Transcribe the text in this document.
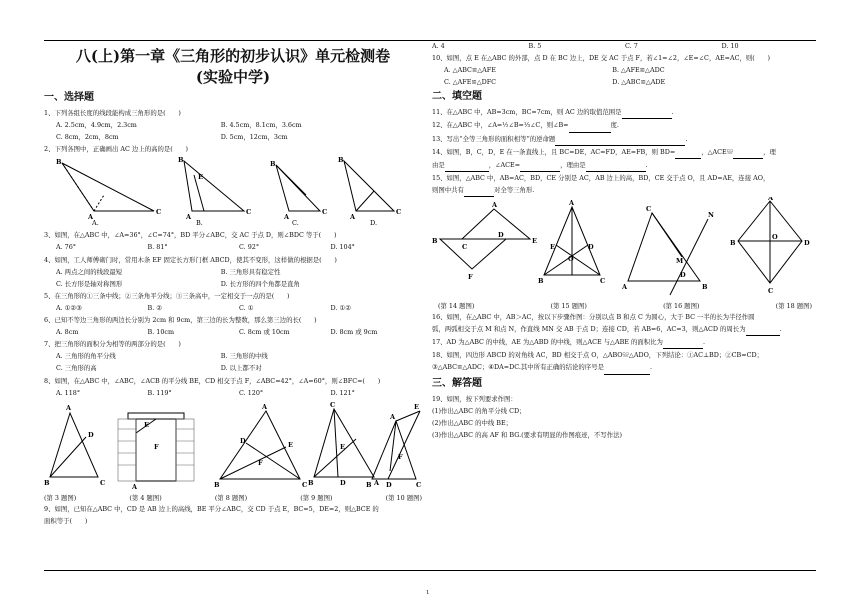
八(上)第一章《三角形的初步认识》单元检测卷
(实验中学)
一、选择题
1、下列各组长度的线段能构成三角形的是(　　)
A. 2.5cm，4.9cm，2.3cm	B. 4.5cm，8.1cm，3.6cm
C. 8cm，2cm，8cm	D. 5cm，12cm，3cm
2、下列各图中，正确画出 AC 边上的高的是(　　)
B
C
A
B
E
C
A
B
C
A
B
C
A
A.	B.	C.	D.
3、如图，在△ABC 中，∠A=36°，∠C=74°，BD 平分∠ABC，交 AC 于点 D，则∠BDC 等于(　　)
A. 76°	B. 81°	C. 92°	D. 104°
4、如图，工人师傅砌门时，常用木条 EF 固定长方形门框 ABCD，使其不变形，这样做的根据是(　　)
A. 两点之间的线段最短	B. 三角形具有稳定性
C. 长方形是轴对称图形	D. 长方形的四个角都是直角
5、在三角形的①三条中线；②三条角平分线；③三条高中，一定相交于一点的是(　　)
A. ①②③	B. ②	C. ①	D. ①②
6、已知不等边三角形的两边长分别为 2cm 和 9cm，第三边的长为整数，那么第三边的长(　　)
A. 8cm	B. 10cm	C. 8cm 或 10cm	D. 8cm 或 9cm
7、把三角形的面积分为相等的两部分的是(　　)
A. 三角形的角平分线	B. 三角形的中线
C. 三角形的高	D. 以上都不对
8、如图，在△ABC 中，∠ABC，∠ACB 的平分线 BE，CD 相交于点 F，∠ABC=42°，∠A=60°，则∠BFC=(　　)
A. 118°	B. 119°	C. 120°	D. 121°
A
B	C
D
E
A
F
A
B	C
D	E
F
C
B	A
D
E
A
E
B D	C
F
(第 3 题图)	(第 4 题图)	(第 8 题图)	(第 9 题图)	(第 10 题图)
9、如图，已知在△ABC 中，CD 是 AB 边上的高线，BE 平分∠ABC，交 CD 于点 E，BC=5，DE=2，则△BCE 的
面积等于(　　)
A. 4	B. 5	C. 7	D. 10
10、如图，点 E 在△ABC 的外部，点 D 在 BC 边上，DE 交 AC 于点 F，若∠1=∠2，∠E=∠C，AE=AC，则(　　)
A. △ABC≌△AFE	B. △AFE≌△ADC
C. △AFE≌△DFC	D. △ABC≌△ADE
二、填空题
11、在△ABC 中，AB=3cm，BC=7cm，则 AC 边的取值范围是	.
12、在△ABC 中，∠A=½∠B=⅓∠C，则∠B=	度.
13、写出“全等三角形的面积相等”的逆命题	.
14、如图，B，C，D，E 在一条直线上，且 BC=DE，AC=FD，AE=FB，则 BD=	，△ACE≌	，理
由是	，∠ACE=	，理由是	.
15、如图，△ABC 中，AB=AC，BD，CE 分别是 AC，AB 边上的高，BD，CE 交于点 O，且 AD=AE，连接 AO，
则图中共有	对全等三角形.
A
B
C
D
E
F
A
B	C
E	D
O
C
A	B
N
M
D
A
B	D
C
O
(第 14 题图)	(第 15 题图)	(第 16 题图)	(第 18 题图)
16、如图，在△ABC 中，AB＞AC，按以下步骤作图：分别以点 B 和点 C 为圆心，大于 BC 一半的长为半径作圆
弧，两弧相交于点 M 和点 N，作直线 MN 交 AB 于点 D；连接 CD，若 AB=6，AC=3，则△ACD 的周长为	.
17、AD 为△ABC 的中线，AE 为△ABD 的中线，则△ACE 与△ABE 的面积比为	.
18、如图，四边形 ABCD 的对角线 AC，BD 相交于点 O，△ABO≌△ADO，下列结论：①AC⊥BD；②CB=CD；
③△ABC≌△ADC；④DA=DC.其中所有正确的结论的序号是	.
三、解答题
19、如图，按下列要求作图：
(1)作出△ABC 的角平分线 CD；
(2)作出△ABC 的中线 BE；
(3)作出△ABC 的高 AF 和 BG.(要求有明显的作图痕迹，不写作法)
1
